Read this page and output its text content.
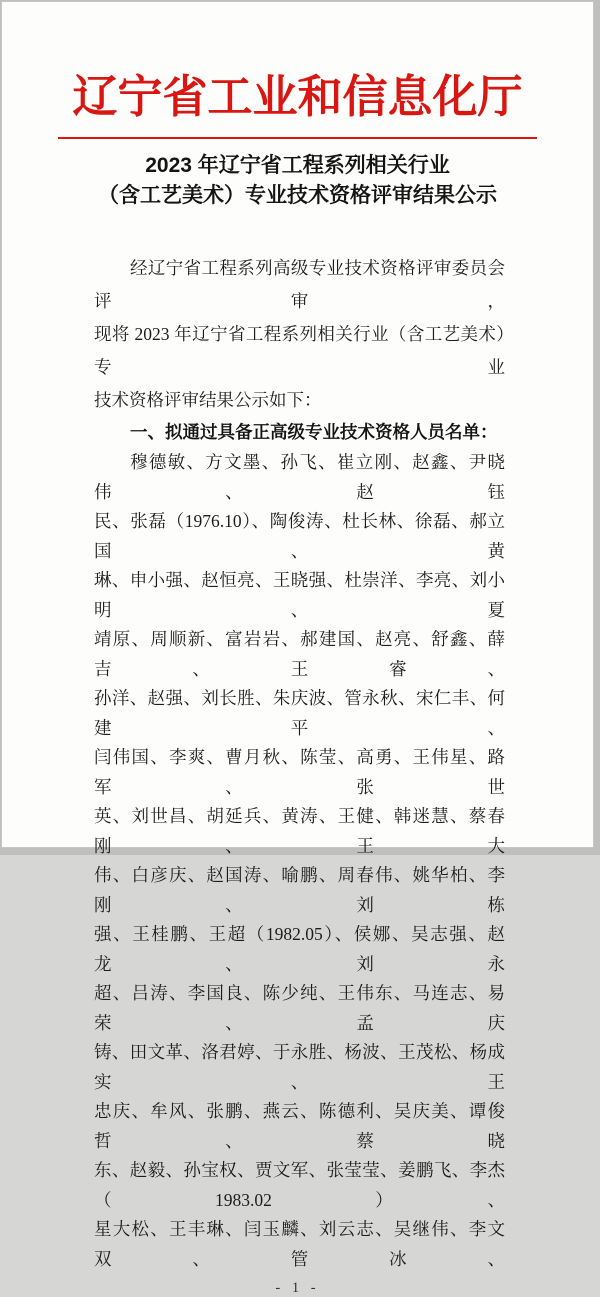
辽宁省工业和信息化厅
2023 年辽宁省工程系列相关行业
（含工艺美术）专业技术资格评审结果公示
经辽宁省工程系列高级专业技术资格评审委员会评审，
现将 2023 年辽宁省工程系列相关行业（含工艺美术）专业
技术资格评审结果公示如下：
一、拟通过具备正高级专业技术资格人员名单：
穆德敏、方文墨、孙飞、崔立刚、赵鑫、尹晓伟、赵钰
民、张磊（1976.10）、陶俊涛、杜长林、徐磊、郝立国、黄
琳、申小强、赵恒亮、王晓强、杜崇洋、李亮、刘小明、夏
靖原、周顺新、富岩岩、郝建国、赵亮、舒鑫、薛吉、王睿、
孙洋、赵强、刘长胜、朱庆波、管永秋、宋仁丰、何建平、
闫伟国、李爽、曹月秋、陈莹、高勇、王伟星、路军、张世
英、刘世昌、胡延兵、黄涛、王健、韩迷慧、蔡春刚、王大
伟、白彦庆、赵国涛、喻鹏、周春伟、姚华柏、李刚、刘栋
强、王桂鹏、王超（1982.05）、侯娜、吴志强、赵龙、刘永
超、吕涛、李国良、陈少纯、王伟东、马连志、易荣、孟庆
铸、田文革、洛君婷、于永胜、杨波、王茂松、杨成实、王
忠庆、牟风、张鹏、燕云、陈德利、吴庆美、谭俊哲、蔡晓
东、赵毅、孙宝权、贾文军、张莹莹、姜鹏飞、李杰（1983.02）、
星大松、王丰琳、闫玉麟、刘云志、吴继伟、李文双、管冰、
- 1 -
